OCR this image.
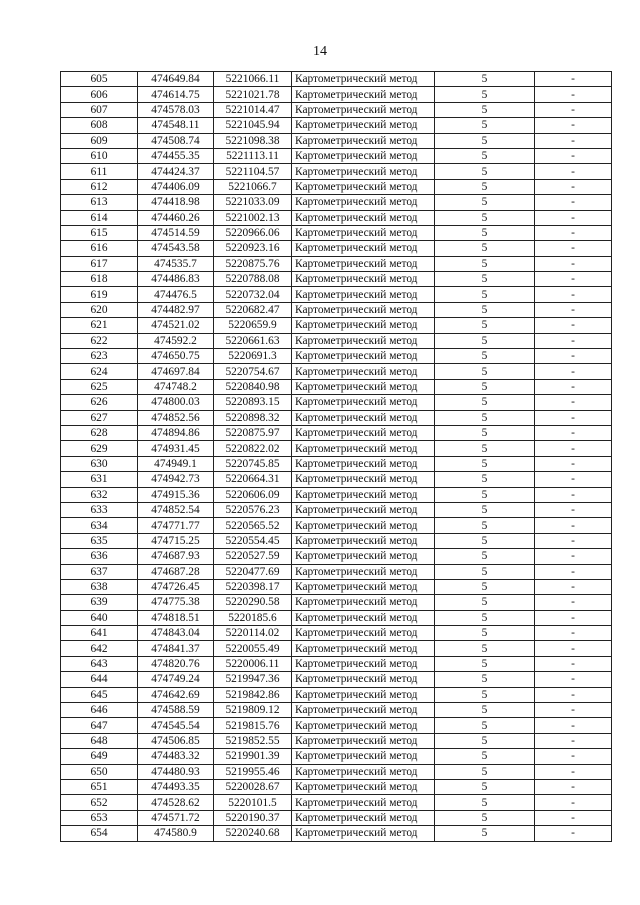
14
605	474649.84	5221066.11	Картометрический метод	5	-
606	474614.75	5221021.78	Картометрический метод	5	-
607	474578.03	5221014.47	Картометрический метод	5	-
608	474548.11	5221045.94	Картометрический метод	5	-
609	474508.74	5221098.38	Картометрический метод	5	-
610	474455.35	5221113.11	Картометрический метод	5	-
611	474424.37	5221104.57	Картометрический метод	5	-
612	474406.09	5221066.7	Картометрический метод	5	-
613	474418.98	5221033.09	Картометрический метод	5	-
614	474460.26	5221002.13	Картометрический метод	5	-
615	474514.59	5220966.06	Картометрический метод	5	-
616	474543.58	5220923.16	Картометрический метод	5	-
617	474535.7	5220875.76	Картометрический метод	5	-
618	474486.83	5220788.08	Картометрический метод	5	-
619	474476.5	5220732.04	Картометрический метод	5	-
620	474482.97	5220682.47	Картометрический метод	5	-
621	474521.02	5220659.9	Картометрический метод	5	-
622	474592.2	5220661.63	Картометрический метод	5	-
623	474650.75	5220691.3	Картометрический метод	5	-
624	474697.84	5220754.67	Картометрический метод	5	-
625	474748.2	5220840.98	Картометрический метод	5	-
626	474800.03	5220893.15	Картометрический метод	5	-
627	474852.56	5220898.32	Картометрический метод	5	-
628	474894.86	5220875.97	Картометрический метод	5	-
629	474931.45	5220822.02	Картометрический метод	5	-
630	474949.1	5220745.85	Картометрический метод	5	-
631	474942.73	5220664.31	Картометрический метод	5	-
632	474915.36	5220606.09	Картометрический метод	5	-
633	474852.54	5220576.23	Картометрический метод	5	-
634	474771.77	5220565.52	Картометрический метод	5	-
635	474715.25	5220554.45	Картометрический метод	5	-
636	474687.93	5220527.59	Картометрический метод	5	-
637	474687.28	5220477.69	Картометрический метод	5	-
638	474726.45	5220398.17	Картометрический метод	5	-
639	474775.38	5220290.58	Картометрический метод	5	-
640	474818.51	5220185.6	Картометрический метод	5	-
641	474843.04	5220114.02	Картометрический метод	5	-
642	474841.37	5220055.49	Картометрический метод	5	-
643	474820.76	5220006.11	Картометрический метод	5	-
644	474749.24	5219947.36	Картометрический метод	5	-
645	474642.69	5219842.86	Картометрический метод	5	-
646	474588.59	5219809.12	Картометрический метод	5	-
647	474545.54	5219815.76	Картометрический метод	5	-
648	474506.85	5219852.55	Картометрический метод	5	-
649	474483.32	5219901.39	Картометрический метод	5	-
650	474480.93	5219955.46	Картометрический метод	5	-
651	474493.35	5220028.67	Картометрический метод	5	-
652	474528.62	5220101.5	Картометрический метод	5	-
653	474571.72	5220190.37	Картометрический метод	5	-
654	474580.9	5220240.68	Картометрический метод	5	-
